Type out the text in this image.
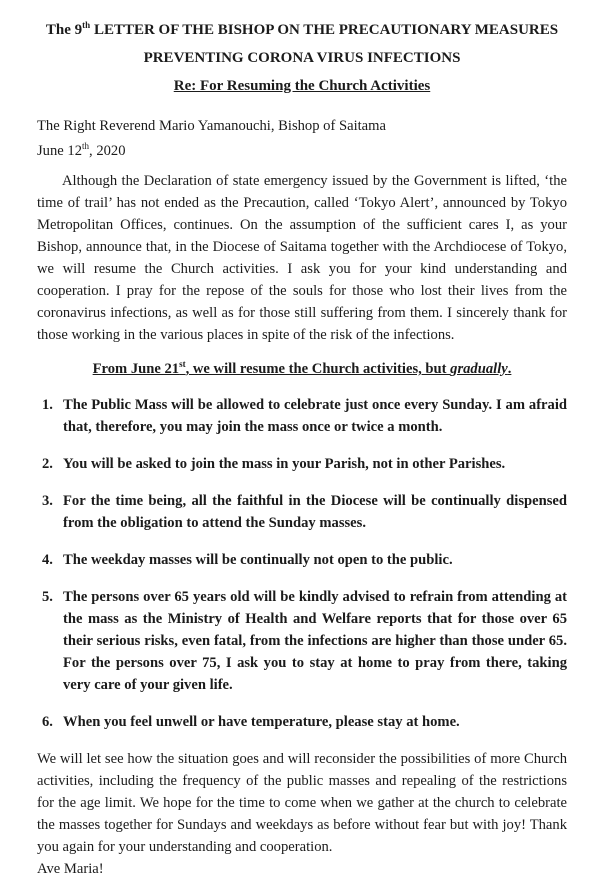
The 9th LETTER OF THE BISHOP ON THE PRECAUTIONARY MEASURES
PREVENTING CORONA VIRUS INFECTIONS
Re: For Resuming the Church Activities

The Right Reverend Mario Yamanouchi, Bishop of Saitama

June 12th, 2020

Although the Declaration of state emergency issued by the Government is lifted, ‘the time of trail’ has not ended as the Precaution, called ‘Tokyo Alert’, announced by Tokyo Metropolitan Offices, continues. On the assumption of the sufficient cares I, as your Bishop, announce that, in the Diocese of Saitama together with the Archdiocese of Tokyo, we will resume the Church activities. I ask you for your kind understanding and cooperation. I pray for the repose of the souls for those who lost their lives from the coronavirus infections, as well as for those still suffering from them. I sincerely thank for those working in the various places in spite of the risk of the infections.

From June 21st, we will resume the Church activities, but gradually.

1. The Public Mass will be allowed to celebrate just once every Sunday. I am afraid that, therefore, you may join the mass once or twice a month.
2. You will be asked to join the mass in your Parish, not in other Parishes.
3. For the time being, all the faithful in the Diocese will be continually dispensed from the obligation to attend the Sunday masses.
4. The weekday masses will be continually not open to the public.
5. The persons over 65 years old will be kindly advised to refrain from attending at the mass as the Ministry of Health and Welfare reports that for those over 65 their serious risks, even fatal, from the infections are higher than those under 65. For the persons over 75, I ask you to stay at home to pray from there, taking very care of your given life.
6. When you feel unwell or have temperature, please stay at home.

We will let see how the situation goes and will reconsider the possibilities of more Church activities, including the frequency of the public masses and repealing of the restrictions for the age limit. We hope for the time to come when we gather at the church to celebrate the masses together for Sundays and weekdays as before without fear but with joy! Thank you again for your understanding and cooperation.

Ave Maria!
